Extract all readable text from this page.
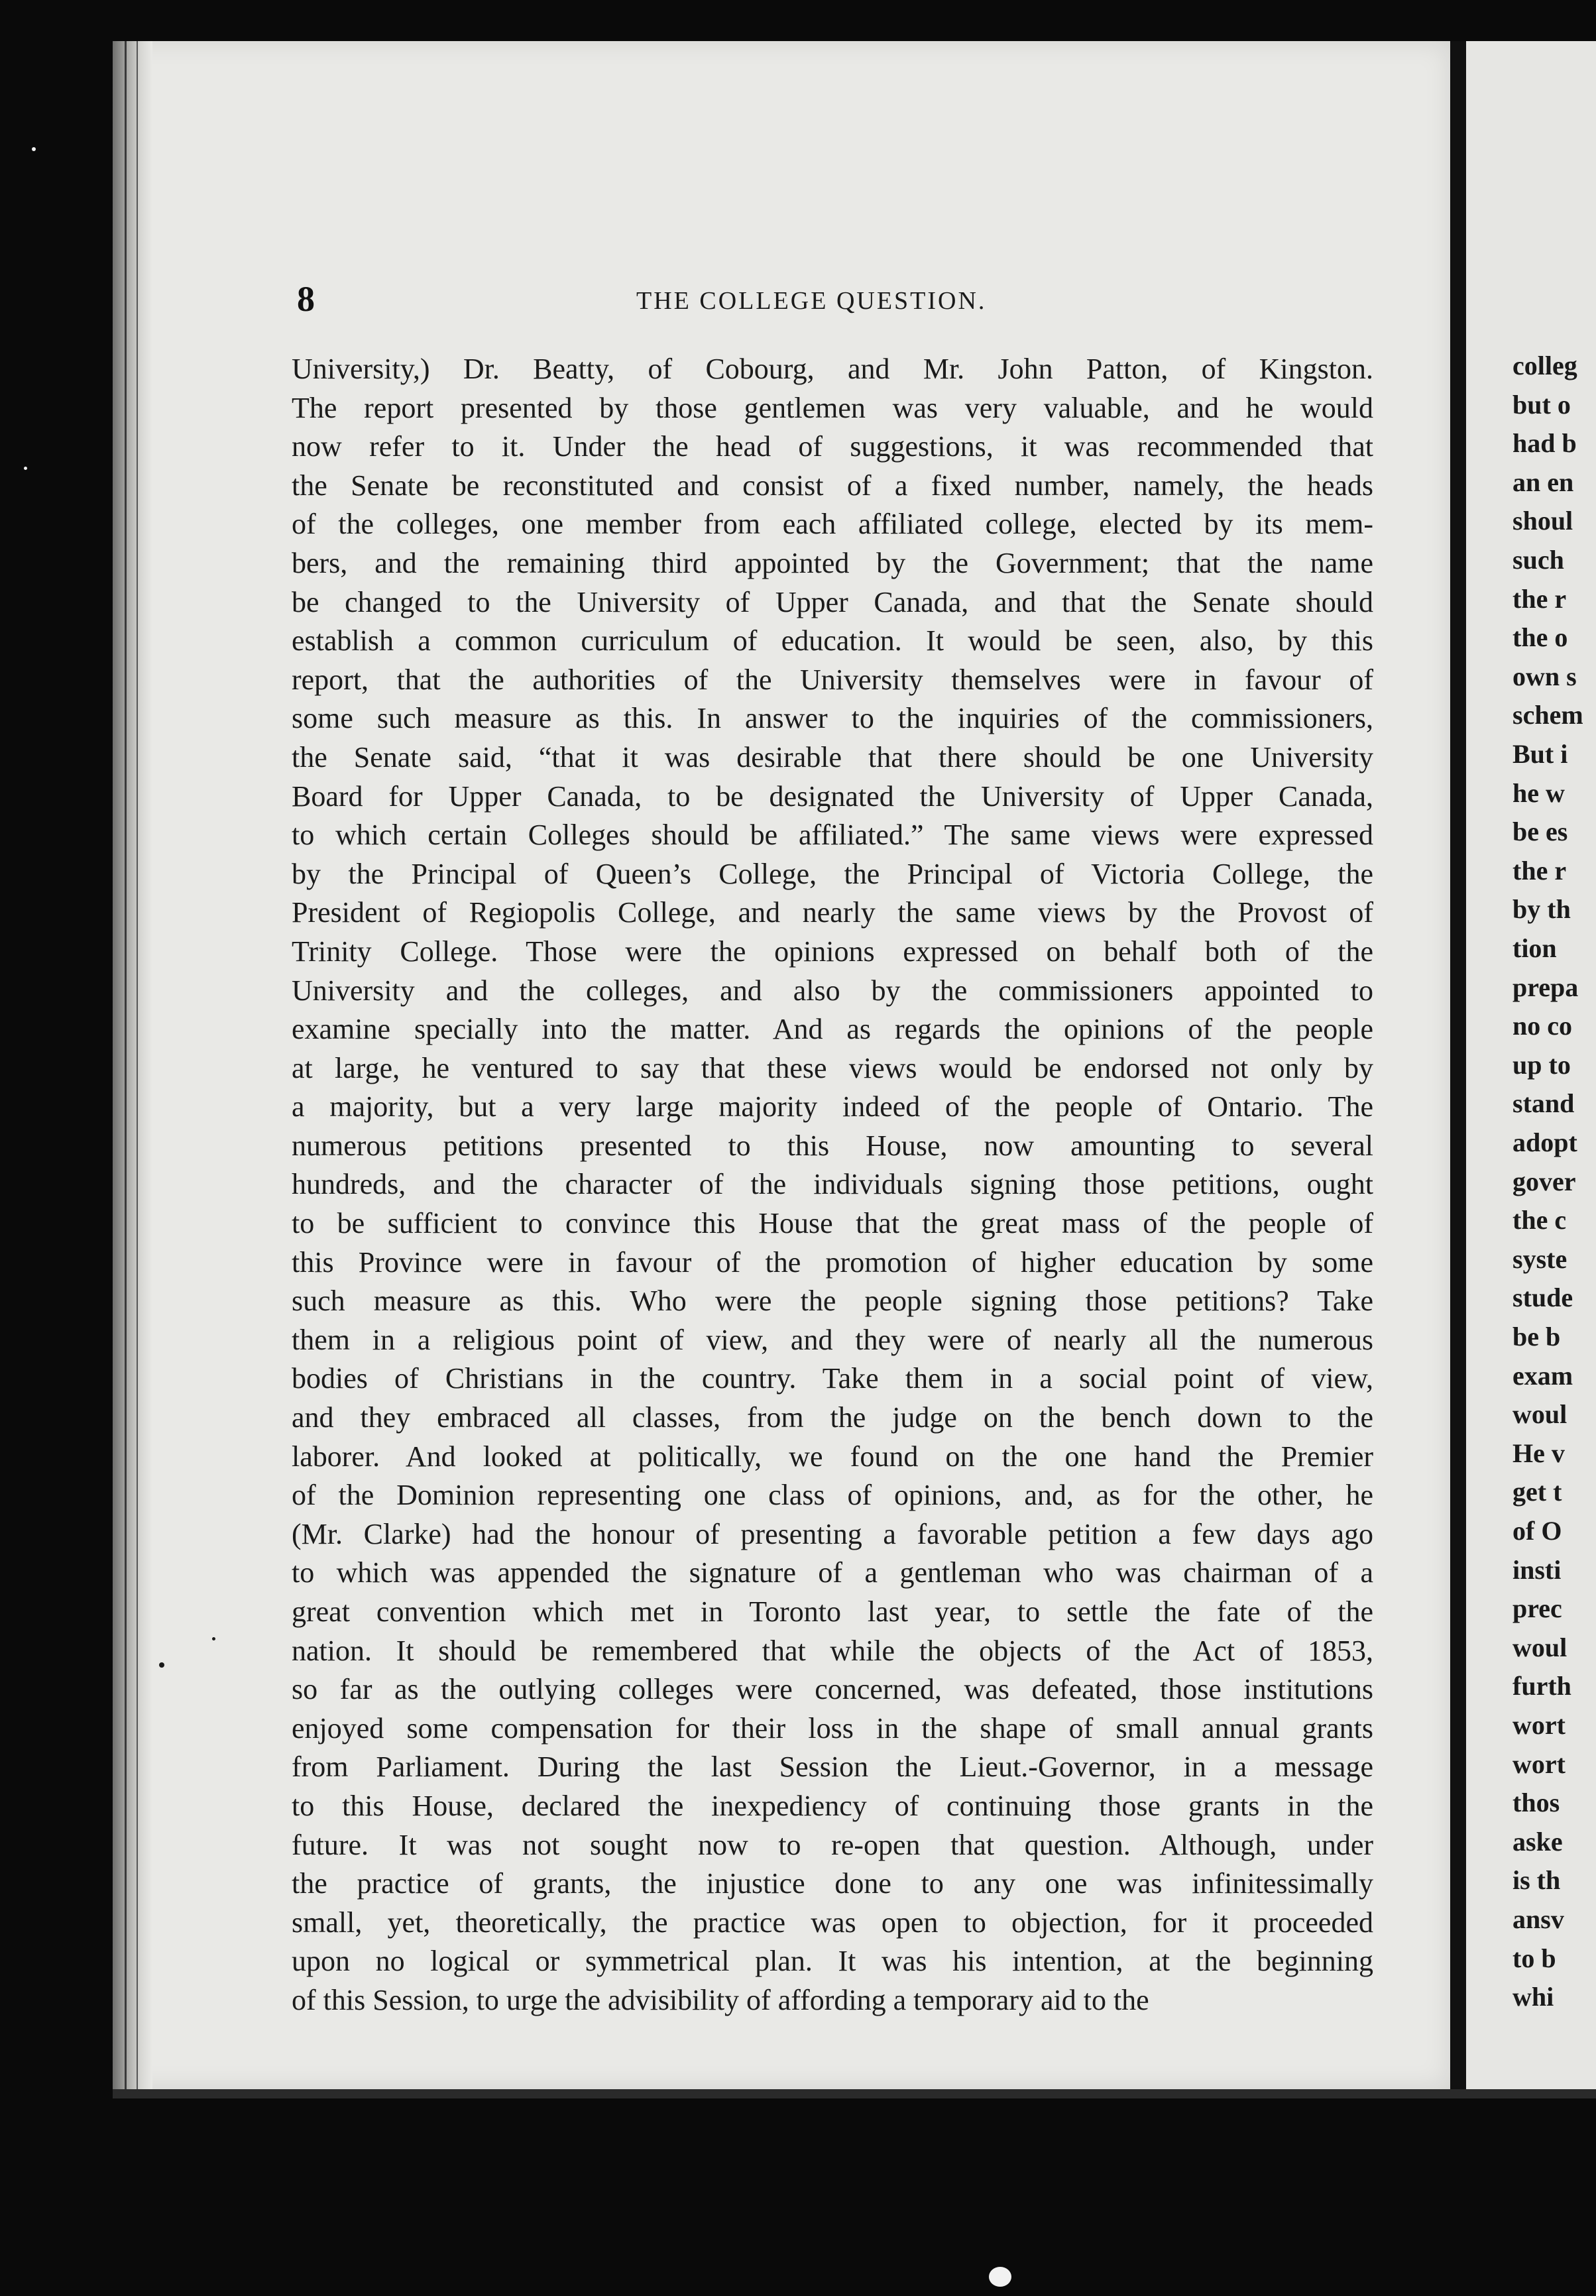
8	THE COLLEGE QUESTION.
University,) Dr. Beatty, of Cobourg, and Mr. John Patton, of Kingston.
The report presented by those gentlemen was very valuable, and he would
now refer to it. Under the head of suggestions, it was recommended that
the Senate be reconstituted and consist of a fixed number, namely, the heads
of the colleges, one member from each affiliated college, elected by its mem-
bers, and the remaining third appointed by the Government; that the name
be changed to the University of Upper Canada, and that the Senate should
establish a common curriculum of education. It would be seen, also, by this
report, that the authorities of the University themselves were in favour of
some such measure as this. In answer to the inquiries of the commissioners,
the Senate said, “that it was desirable that there should be one University
Board for Upper Canada, to be designated the University of Upper Canada,
to which certain Colleges should be affiliated.” The same views were expressed
by the Principal of Queen’s College, the Principal of Victoria College, the
President of Regiopolis College, and nearly the same views by the Provost of
Trinity College. Those were the opinions expressed on behalf both of the
University and the colleges, and also by the commissioners appointed to
examine specially into the matter. And as regards the opinions of the people
at large, he ventured to say that these views would be endorsed not only by
a majority, but a very large majority indeed of the people of Ontario. The
numerous petitions presented to this House, now amounting to several
hundreds, and the character of the individuals signing those petitions, ought
to be sufficient to convince this House that the great mass of the people of
this Province were in favour of the promotion of higher education by some
such measure as this. Who were the people signing those petitions? Take
them in a religious point of view, and they were of nearly all the numerous
bodies of Christians in the country. Take them in a social point of view,
and they embraced all classes, from the judge on the bench down to the
laborer. And looked at politically, we found on the one hand the Premier
of the Dominion representing one class of opinions, and, as for the other, he
(Mr. Clarke) had the honour of presenting a favorable petition a few days ago
to which was appended the signature of a gentleman who was chairman of a
great convention which met in Toronto last year, to settle the fate of the
nation. It should be remembered that while the objects of the Act of 1853,
so far as the outlying colleges were concerned, was defeated, those institutions
enjoyed some compensation for their loss in the shape of small annual grants
from Parliament. During the last Session the Lieut.-Governor, in a message
to this House, declared the inexpediency of continuing those grants in the
future. It was not sought now to re-open that question. Although, under
the practice of grants, the injustice done to any one was infinitessimally
small, yet, theoretically, the practice was open to objection, for it proceeded
upon no logical or symmetrical plan. It was his intention, at the beginning
of this Session, to urge the advisibility of affording a temporary aid to the
colleg
but o
had b
an en
shoul
such
the r
the o
own s
schem
But i
he w
be es
the r
by th
tion
prepa
no co
up to
stand
adopt
gover
the c
syste
stude
be b
exam
woul
He v
get t
of O
insti
prec
woul
furth
wort
wort
thos
aske
is th
ansv
to b
whi
